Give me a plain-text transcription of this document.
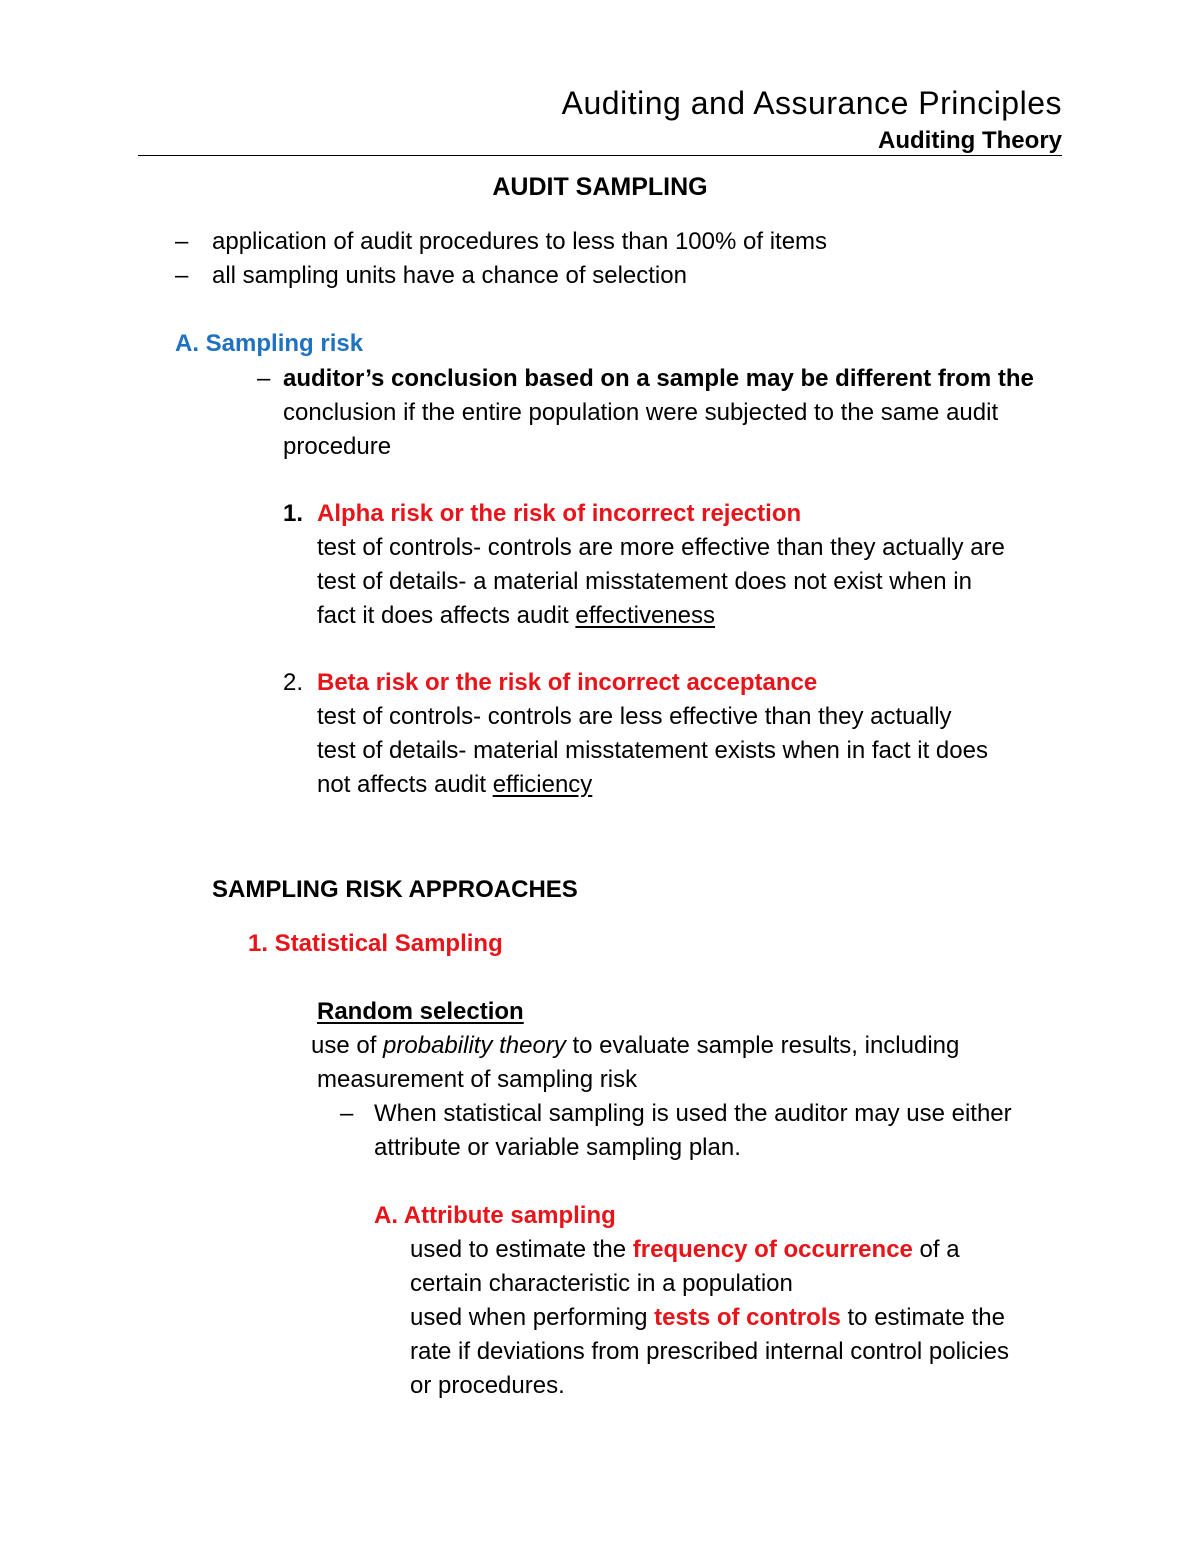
Auditing and Assurance Principles
Auditing Theory
AUDIT SAMPLING
– application of audit procedures to less than 100% of items
– all sampling units have a chance of selection
A. Sampling risk
– auditor’s conclusion based on a sample may be different from the
conclusion if the entire population were subjected to the same audit
procedure
1. Alpha risk or the risk of incorrect rejection
test of controls- controls are more effective than they actually are
test of details- a material misstatement does not exist when in
fact it does affects audit effectiveness
2. Beta risk or the risk of incorrect acceptance
test of controls- controls are less effective than they actually
test of details- material misstatement exists when in fact it does
not affects audit efficiency
SAMPLING RISK APPROACHES
1. Statistical Sampling
Random selection
use of probability theory to evaluate sample results, including
measurement of sampling risk
– When statistical sampling is used the auditor may use either
attribute or variable sampling plan.
A. Attribute sampling
used to estimate the frequency of occurrence of a
certain characteristic in a population
used when performing tests of controls to estimate the
rate if deviations from prescribed internal control policies
or procedures.
